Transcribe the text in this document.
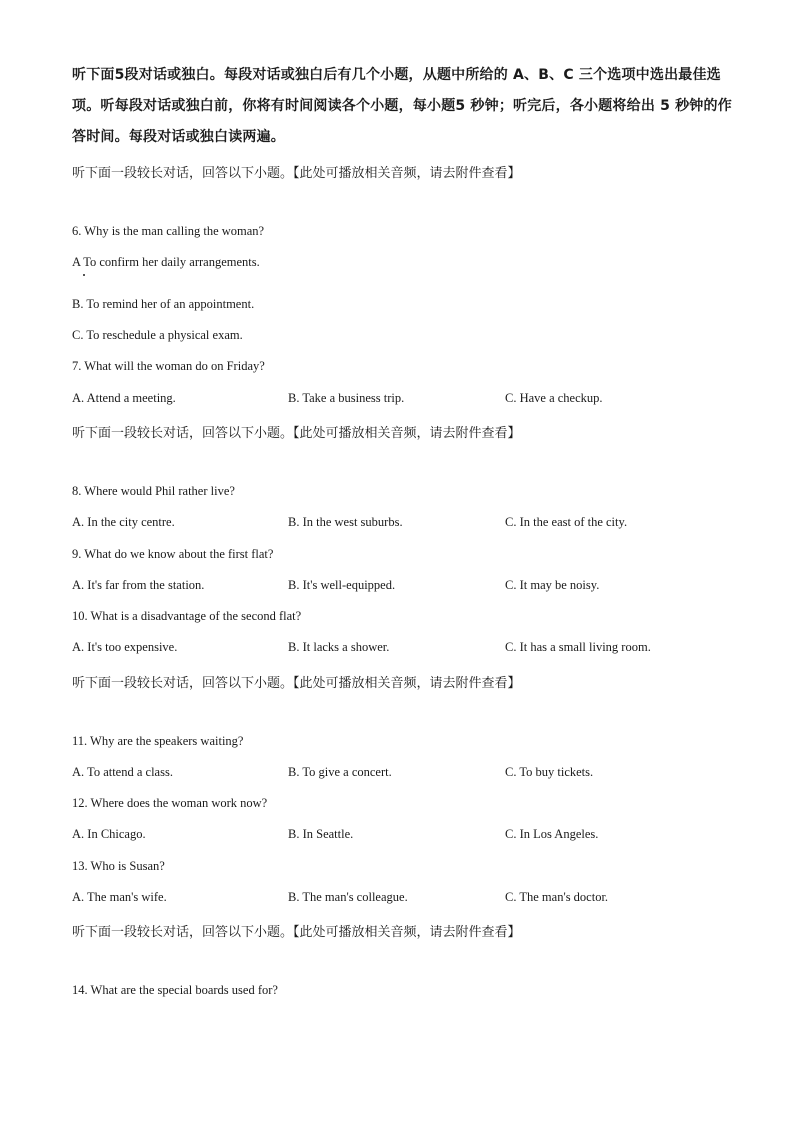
听下面5段对话或独白。每段对话或独白后有几个小题，从题中所给的 A、B、C 三个选项中选出最佳选项。听每段对话或独白前，你将有时间阅读各个小题，每小题5 秒钟；听完后，各小题将给出 5 秒钟的作答时间。每段对话或独白读两遍。
听下面一段较长对话，回答以下小题。【此处可播放相关音频，请去附件查看】
6. Why is the man calling the woman?
A To confirm her daily arrangements.
B. To remind her of an appointment.
C. To reschedule a physical exam.
7. What will the woman do on Friday?
A. Attend a meeting.	B. Take a business trip.	C. Have a checkup.
听下面一段较长对话，回答以下小题。【此处可播放相关音频，请去附件查看】
8. Where would Phil rather live?
A. In the city centre.	B. In the west suburbs.	C. In the east of the city.
9. What do we know about the first flat?
A. It's far from the station.	B. It's well-equipped.	C. It may be noisy.
10. What is a disadvantage of the second flat?
A. It's too expensive.	B. It lacks a shower.	C. It has a small living room.
听下面一段较长对话，回答以下小题。【此处可播放相关音频，请去附件查看】
11. Why are the speakers waiting?
A. To attend a class.	B. To give a concert.	C. To buy tickets.
12. Where does the woman work now?
A. In Chicago.	B. In Seattle.	C. In Los Angeles.
13. Who is Susan?
A. The man's wife.	B. The man's colleague.	C. The man's doctor.
听下面一段较长对话，回答以下小题。【此处可播放相关音频，请去附件查看】
14. What are the special boards used for?
